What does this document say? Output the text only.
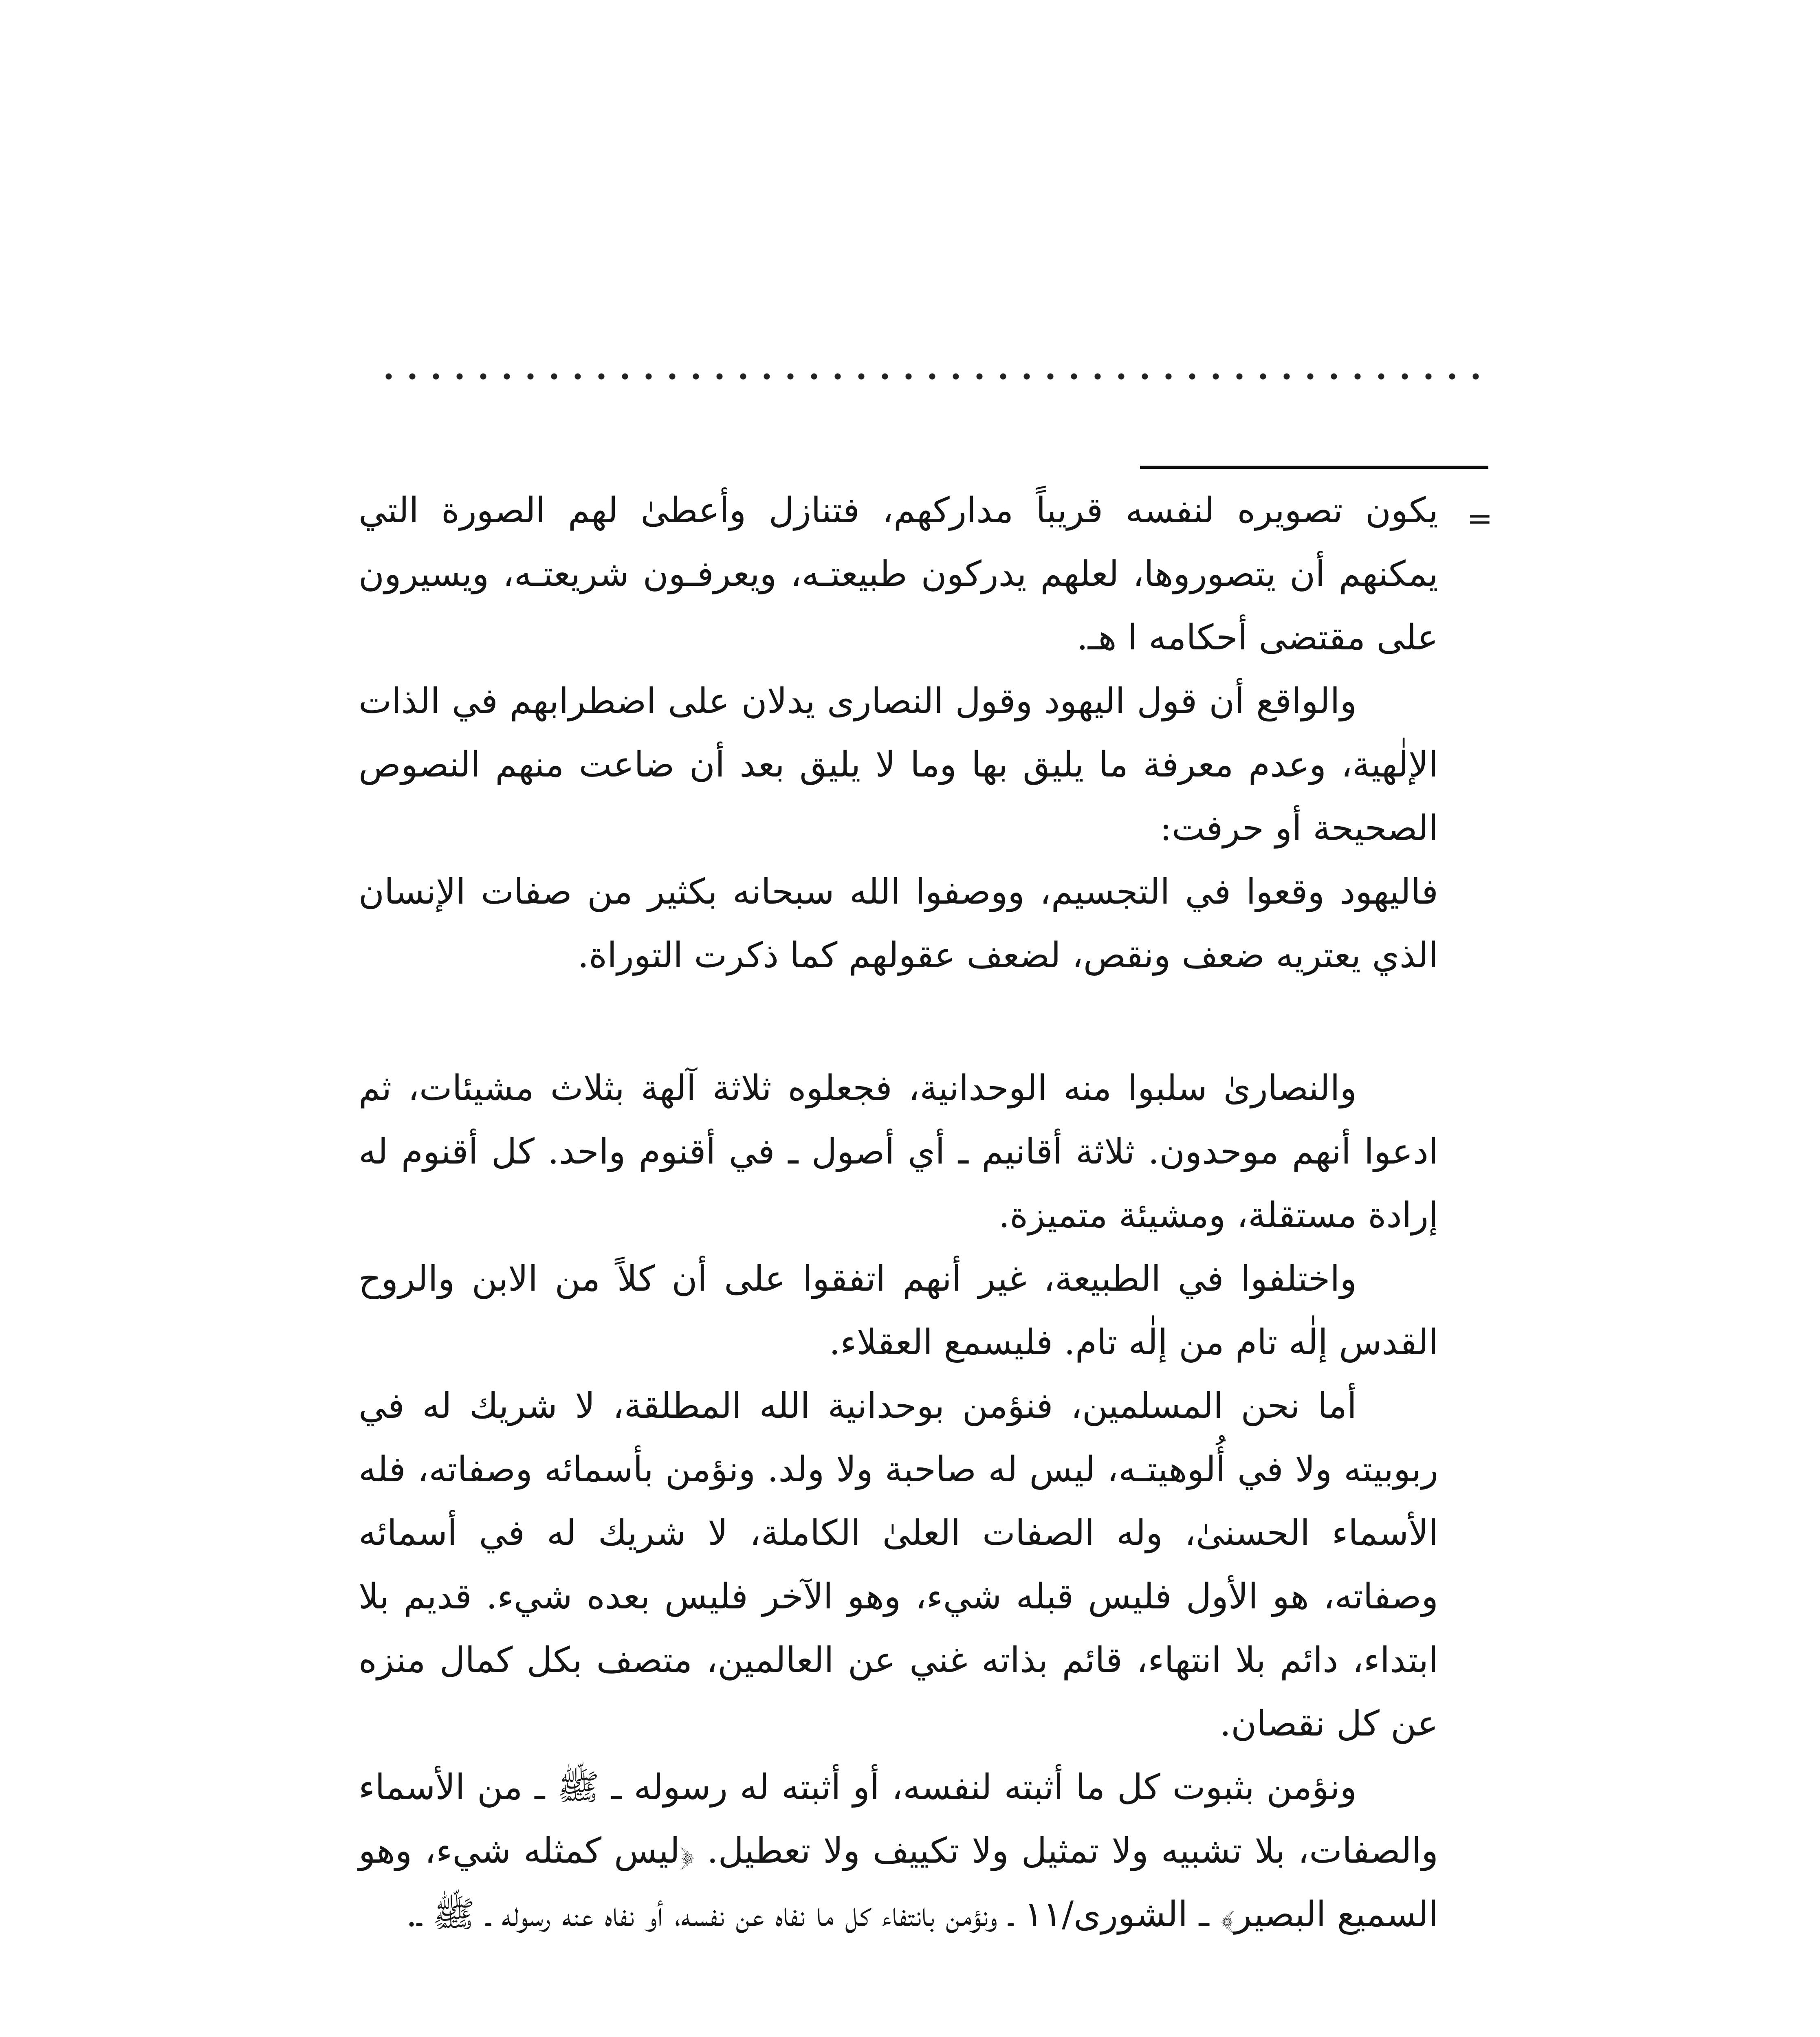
=

يكون تصويره لنفسه قريباً مداركهم، فتنازل وأعطىٰ لهم الصورة التي يمكنهم أن يتصوروها، لعلهم يدركون طبيعتـه، ويعرفـون شريعتـه، ويسيرون على مقتضى أحكامه ا هـ.

والواقع أن قول اليهود وقول النصارى يدلان على اضطرابهم في الذات الإلٰهية، وعدم معرفة ما يليق بها وما لا يليق بعد أن ضاعت منهم النصوص الصحيحة أو حرفت:

فاليهود وقعوا في التجسيم، ووصفوا الله سبحانه بكثير من صفات الإنسان الذي يعتريه ضعف ونقص، لضعف عقولهم كما ذكرت التوراة.

والنصارىٰ سلبوا منه الوحدانية، فجعلوه ثلاثة آلهة بثلاث مشيئات، ثم ادعوا أنهم موحدون. ثلاثة أقانيم ـ أي أصول ـ في أقنوم واحد. كل أقنوم له إرادة مستقلة، ومشيئة متميزة.

واختلفوا في الطبيعة، غير أنهم اتفقوا على أن كلاً من الابن والروح القدس إلٰه تام من إلٰه تام. فليسمع العقلاء.

أما نحن المسلمين، فنؤمن بوحدانية الله المطلقة، لا شريك له في ربوبيته ولا في أُلوهيتـه، ليس له صاحبة ولا ولد. ونؤمن بأسمائه وصفاته، فله الأسماء الحسنىٰ، وله الصفات العلىٰ الكاملة، لا شريك له في أسمائه وصفاته، هو الأول فليس قبله شيء، وهو الآخر فليس بعده شيء. قديم بلا ابتداء، دائم بلا انتهاء، قائم بذاته غني عن العالمين، متصف بكل كمال منزه عن كل نقصان.

ونؤمن بثبوت كل ما أثبته لنفسه، أو أثبته له رسوله ـ ﷺ ـ من الأسماء والصفات، بلا تشبيه ولا تمثيل ولا تكييف ولا تعطيل. ﴿ليس كمثله شيء، وهو السميع البصير﴾ ـ الشورى/١١ ـ ونؤمن بانتفاء كل ما نفاه عن نفسه، أو نفاه عنه رسوله ـ ﷺ ـ.
